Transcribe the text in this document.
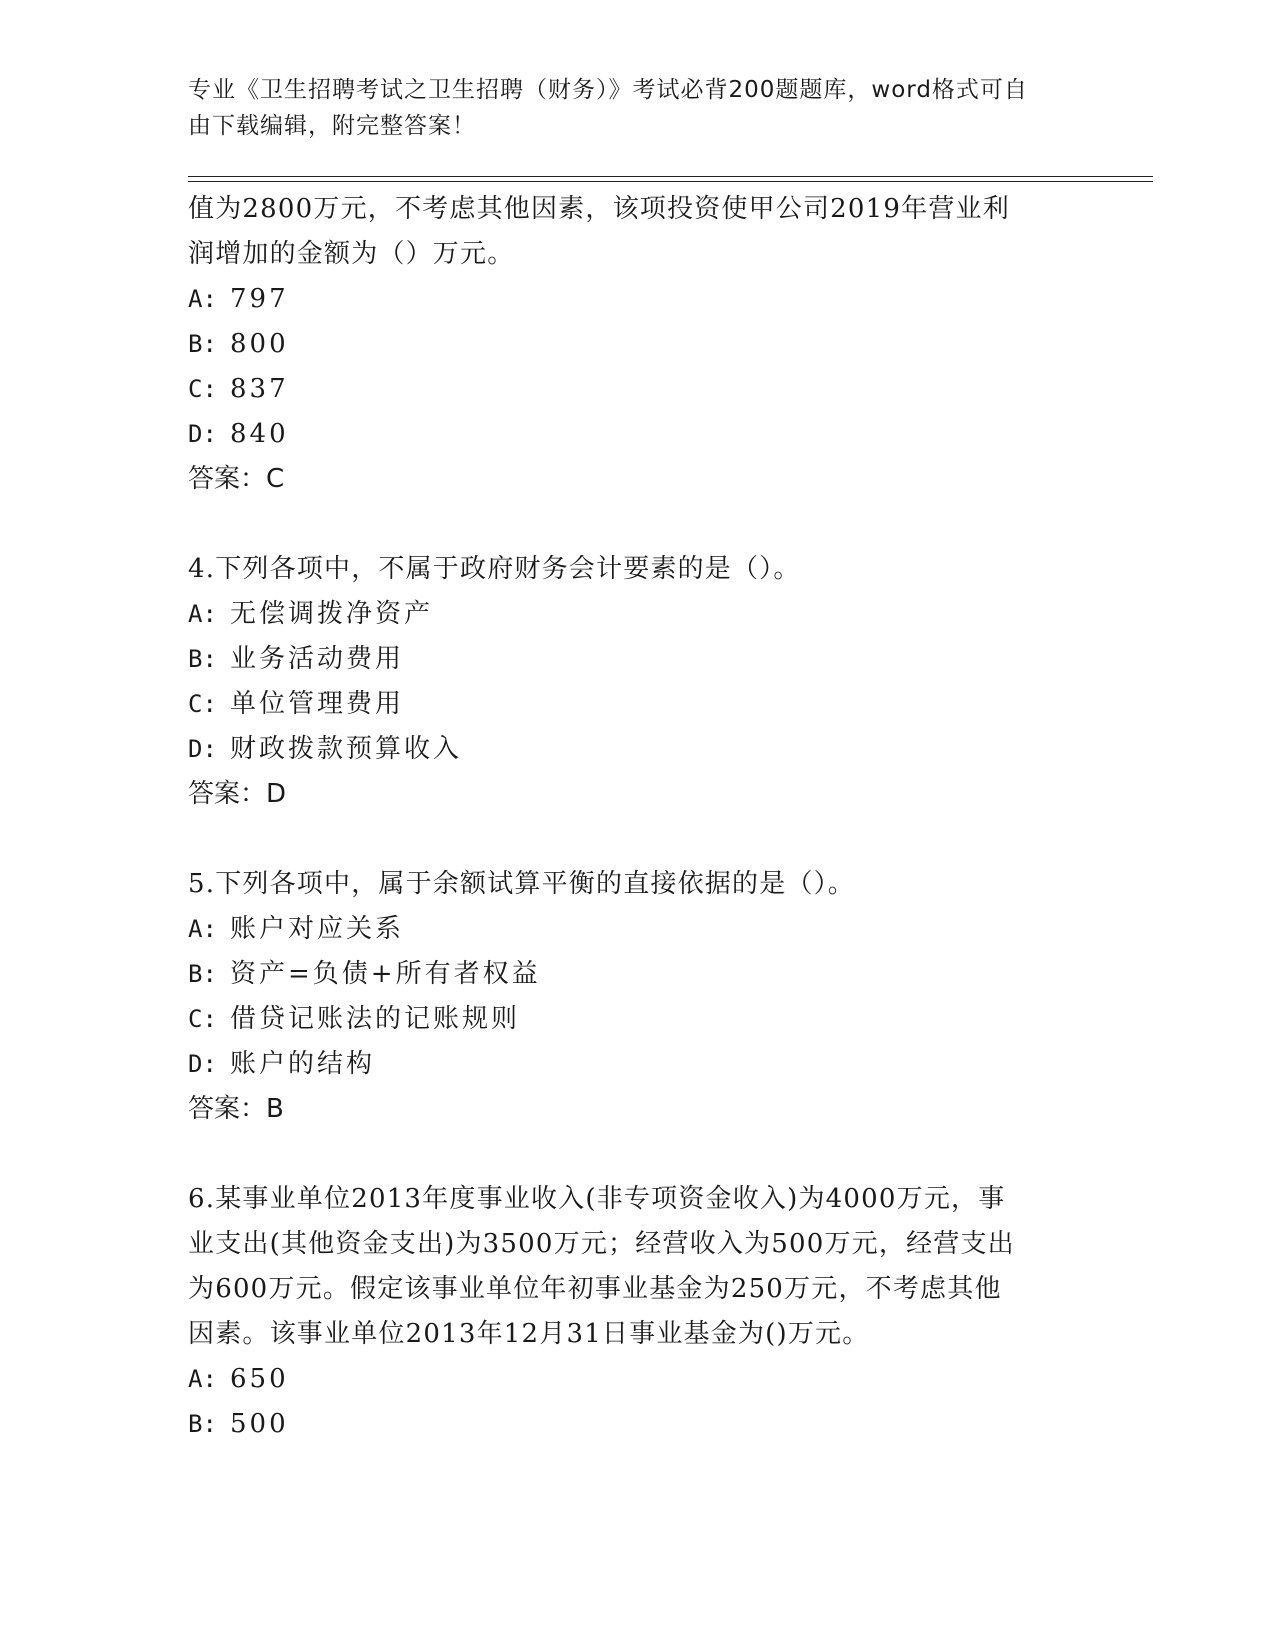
专业《卫生招聘考试之卫生招聘（财务）》考试必背200题题库，word格式可自
由下载编辑，附完整答案！
值为2800万元，不考虑其他因素，该项投资使甲公司2019年营业利
润增加的金额为（）万元。
A: 797
B: 800
C: 837
D: 840
答案：C
4.下列各项中，不属于政府财务会计要素的是（）。
A: 无偿调拨净资产
B: 业务活动费用
C: 单位管理费用
D: 财政拨款预算收入
答案：D
5.下列各项中，属于余额试算平衡的直接依据的是（）。
A: 账户对应关系
B: 资产=负债+所有者权益
C: 借贷记账法的记账规则
D: 账户的结构
答案：B
6.某事业单位2013年度事业收入(非专项资金收入)为4000万元，事
业支出(其他资金支出)为3500万元；经营收入为500万元，经营支出
为600万元。假定该事业单位年初事业基金为250万元，不考虑其他
因素。该事业单位2013年12月31日事业基金为()万元。
A: 650
B: 500
